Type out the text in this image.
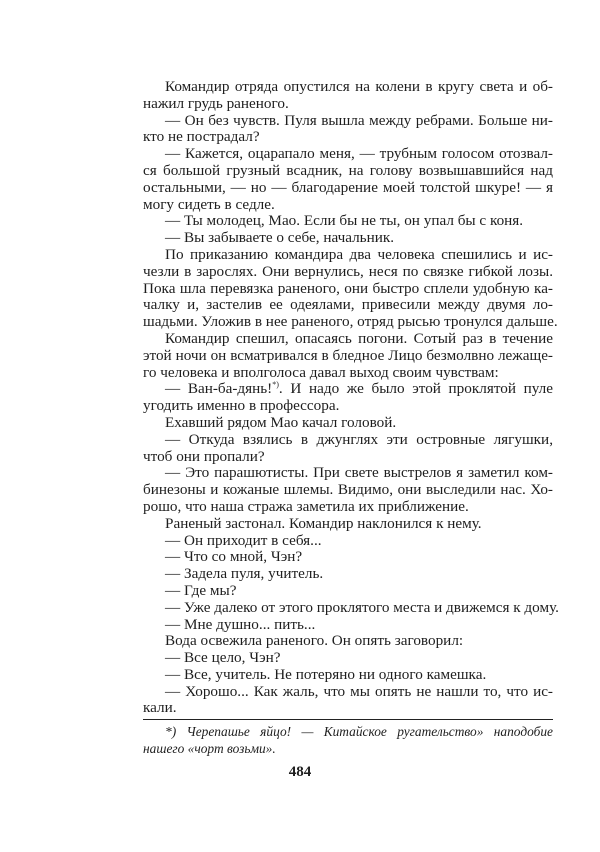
Командир отряда опустился на колени в кругу света и об-
нажил грудь раненого.
— Он без чувств. Пуля вышла между ребрами. Больше ни-
кто не пострадал?
— Кажется, оцарапало меня, — трубным голосом отозвал-
ся большой грузный всадник, на голову возвышавшийся над
остальными, — но — благодарение моей толстой шкуре! — я
могу сидеть в седле.
— Ты молодец, Мао. Если бы не ты, он упал бы с коня.
— Вы забываете о себе, начальник.
По приказанию командира два человека спешились и ис-
чезли в зарослях. Они вернулись, неся по связке гибкой лозы.
Пока шла перевязка раненого, они быстро сплели удобную ка-
чалку и, застелив ее одеялами, привесили между двумя ло-
шадьми. Уложив в нее раненого, отряд рысью тронулся дальше.
Командир спешил, опасаясь погони. Сотый раз в течение
этой ночи он всматривался в бледное Лицо безмолвно лежаще-
го человека и вполголоса давал выход своим чувствам:
— Ван-ба-дянь!*). И надо же было этой проклятой пуле
угодить именно в профессора.
Ехавший рядом Мао качал головой.
— Откуда взялись в джунглях эти островные лягушки,
чтоб они пропали?
— Это парашютисты. При свете выстрелов я заметил ком-
бинезоны и кожаные шлемы. Видимо, они выследили нас. Хо-
рошо, что наша стража заметила их приближение.
Раненый застонал. Командир наклонился к нему.
— Он приходит в себя...
— Что со мной, Чэн?
— Задела пуля, учитель.
— Где мы?
— Уже далеко от этого проклятого места и движемся к дому.
— Мне душно... пить...
Вода освежила раненого. Он опять заговорил:
— Все цело, Чэн?
— Все, учитель. Не потеряно ни одного камешка.
— Хорошо... Как жаль, что мы опять не нашли то, что ис-
кали.
*) Черепашье яйцо! — Китайское ругательство» наподобие
нашего «чорт возьми».
484
